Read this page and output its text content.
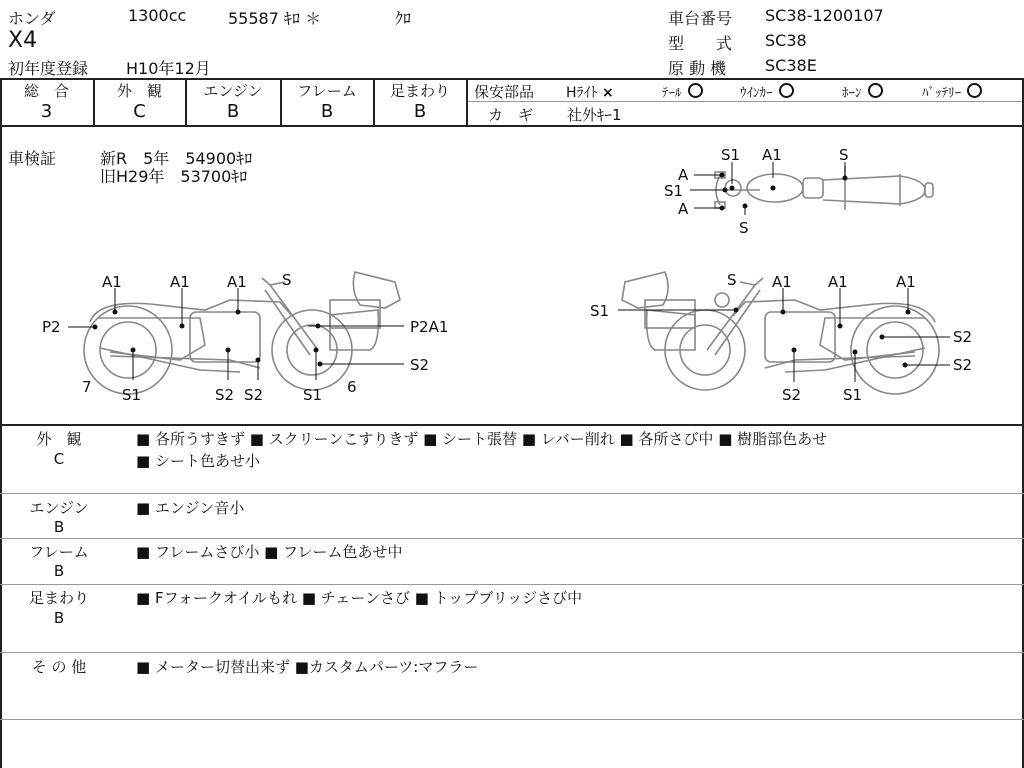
ホンダ	1300cc	55587 ｷﾛ ＊	ｸﾛ
X4
初年度登録 H10年12月
車台番号 SC38-1200107
型　　式 SC38
原 動 機 SC38E
総　合
3
外　観
C
エンジン
B
フレーム
B
足まわり
B
保安部品 Hﾗｲﾄ ×	ﾃｰﾙ	ｳｲﾝｶｰ	ﾎｰﾝ	ﾊﾞｯﾃﾘｰ
カ　ギ 社外ｷｰ1
車検証	新R　5年　54900ｷﾛ
旧H29年　53700ｷﾛ
S1 A1	S
A
S1
A
S
A1	A1 A1 S
P2	P2A1
7 S1	S2 S2	S1 6
S2
S A1 A1	A1
S1
S2
S2
S2	S1
外　観
C
■ 各所うすきず ■ スクリーンこすりきず ■ シート張替 ■ レバー削れ ■ 各所さび中 ■ 樹脂部色あせ
■ シート色あせ小
エンジン
B
■ エンジン音小
フレーム
B
■ フレームさび小 ■ フレーム色あせ中
足まわり
B
■ Fフォークオイルもれ ■ チェーンさび ■ トップブリッジさび中
そ の 他	■ メーター切替出来ず ■カスタムパーツ:マフラー
